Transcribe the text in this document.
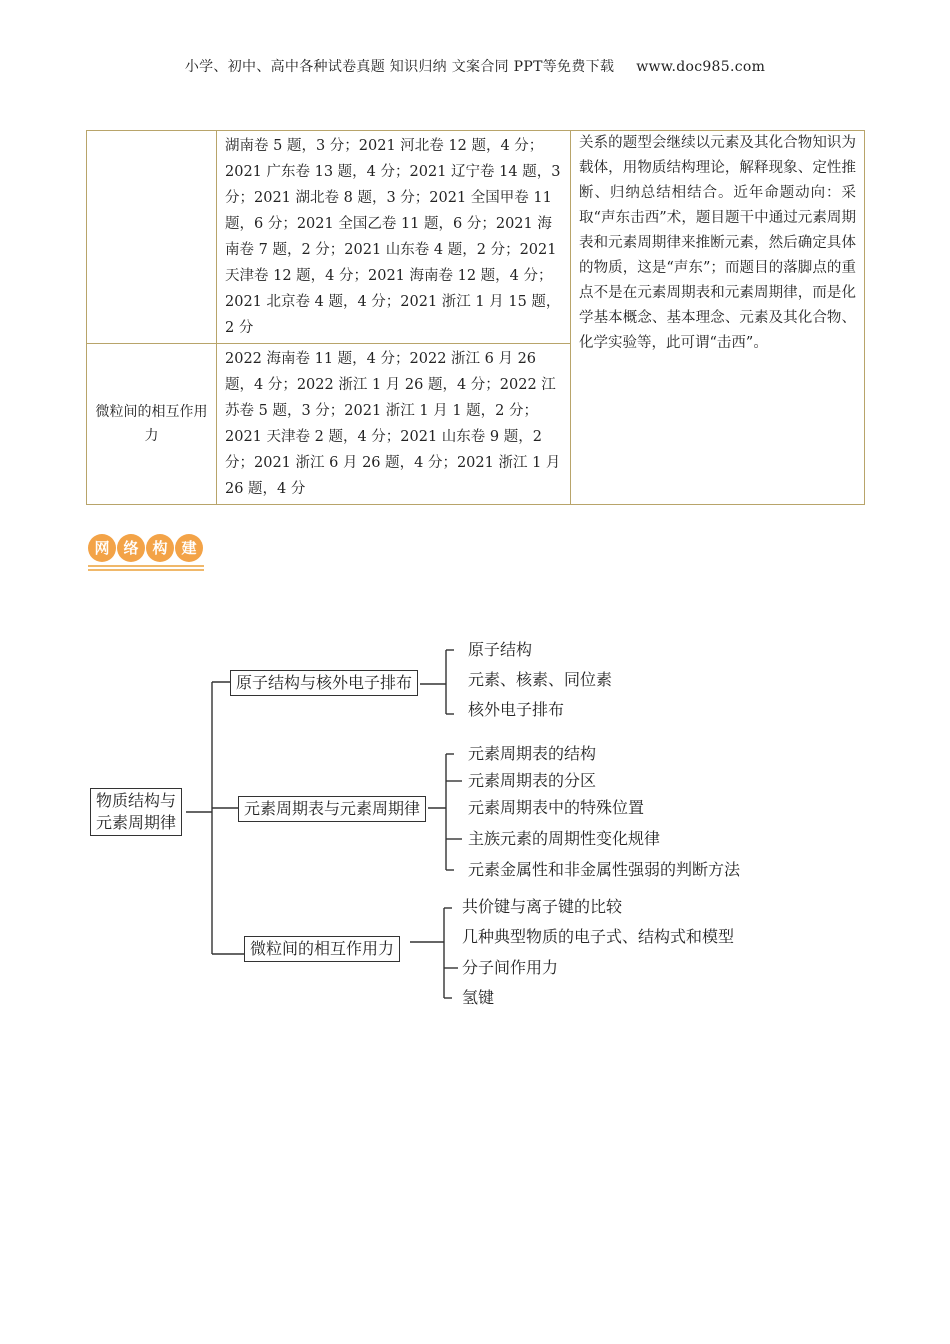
小学、初中、高中各种试卷真题 知识归纳 文案合同 PPT等免费下载 www.doc985.com
	湖南卷 5 题，3 分；2021 河北卷 12 题，4 分；2021 广东卷 13 题，4 分；2021 辽宁卷 14 题，3 分；2021 湖北卷 8 题，3 分；2021 全国甲卷 11 题，6 分；2021 全国乙卷 11 题，6 分；2021 海南卷 7 题，2 分；2021 山东卷 4 题，2 分；2021 天津卷 12 题，4 分；2021 海南卷 12 题，4 分；2021 北京卷 4 题，4 分；2021 浙江 1 月 15 题，2 分	关系的题型会继续以元素及其化合物知识为载体，用物质结构理论，解释现象、定性推断、归纳总结相结合。近年命题动向：采取“声东击西”术，题目题干中通过元素周期表和元素周期律来推断元素，然后确定具体的物质，这是“声东”；而题目的落脚点的重点不是在元素周期表和元素周期律，而是化学基本概念、基本理念、元素及其化合物、化学实验等，此可谓“击西”。
微粒间的相互作用力	2022 海南卷 11 题，4 分；2022 浙江 6 月 26 题，4 分；2022 浙江 1 月 26 题，4 分；2022 江苏卷 5 题，3 分；2021 浙江 1 月 1 题，2 分；2021 天津卷 2 题，4 分；2021 山东卷 9 题，2 分；2021 浙江 6 月 26 题，4 分；2021 浙江 1 月 26 题，4 分	
网 络 构 建
物质结构与
元素周期律
原子结构与核外电子排布
原子结构
元素、核素、同位素
核外电子排布
元素周期表与元素周期律
元素周期表的结构
元素周期表的分区
元素周期表中的特殊位置
主族元素的周期性变化规律
元素金属性和非金属性强弱的判断方法
微粒间的相互作用力
共价键与离子键的比较
几种典型物质的电子式、结构式和模型
分子间作用力
氢键
